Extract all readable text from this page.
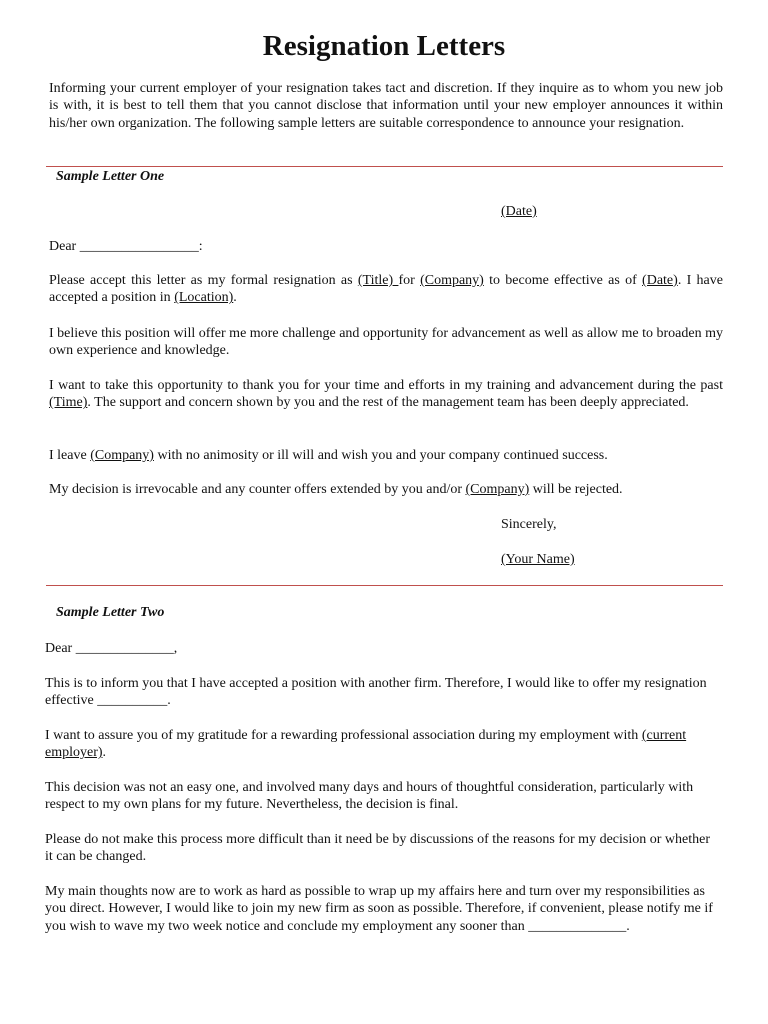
Resignation Letters

Informing your current employer of your resignation takes tact and discretion. If they inquire as to whom you new job is with, it is best to tell them that you cannot disclose that information until your new employer announces it within his/her own organization. The following sample letters are suitable correspondence to announce your resignation.

Sample Letter One
(Date)
Dear _________________:

Please accept this letter as my formal resignation as (Title) for (Company) to become effective as of (Date). I have accepted a position in (Location).

I believe this position will offer me more challenge and opportunity for advancement as well as allow me to broaden my own experience and knowledge.

I want to take this opportunity to thank you for your time and efforts in my training and advancement during the past (Time). The support and concern shown by you and the rest of the management team has been deeply appreciated.

I leave (Company) with no animosity or ill will and wish you and your company continued success.

My decision is irrevocable and any counter offers extended by you and/or (Company) will be rejected.

Sincerely,
(Your Name)
Sample Letter Two
Dear ______________,

This is to inform you that I have accepted a position with another firm. Therefore, I would like to offer my resignation effective __________.

I want to assure you of my gratitude for a rewarding professional association during my employment with (current employer).

This decision was not an easy one, and involved many days and hours of thoughtful consideration, particularly with respect to my own plans for my future. Nevertheless, the decision is final.

Please do not make this process more difficult than it need be by discussions of the reasons for my decision or whether it can be changed.

My main thoughts now are to work as hard as possible to wrap up my affairs here and turn over my responsibilities as you direct. However, I would like to join my new firm as soon as possible. Therefore, if convenient, please notify me if you wish to wave my two week notice and conclude my employment any sooner than ______________.
